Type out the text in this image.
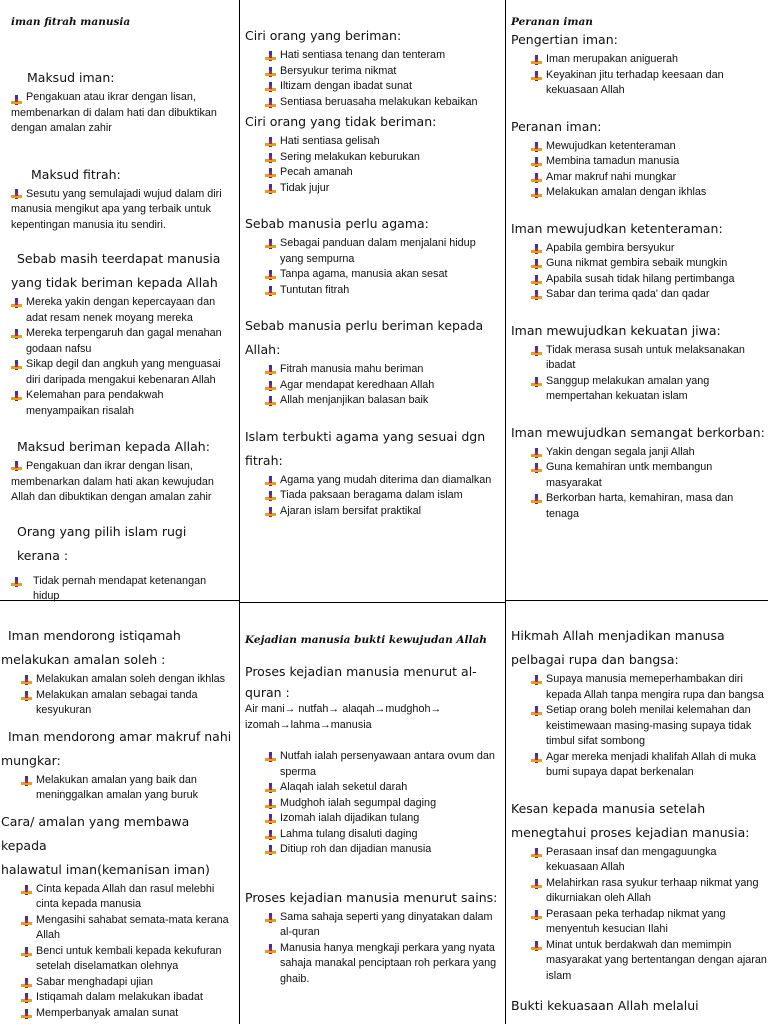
iman fitrah manusia
Maksud iman:
Pengakuan atau ikrar dengan lisan, membenarkan di dalam hati dan dibuktikan dengan amalan zahir
Maksud fitrah:
Sesutu yang semulajadi wujud dalam diri manusia mengikut apa yang terbaik untuk kepentingan manusia itu sendiri.
Sebab masih teerdapat manusia
yang tidak beriman kepada Allah
Mereka yakin dengan kepercayaan dan adat resam nenek moyang mereka
Mereka terpengaruh dan gagal menahan godaan nafsu
Sikap degil dan angkuh yang menguasai diri daripada mengakui kebenaran Allah
Kelemahan para pendakwah menyampaikan risalah
Maksud beriman kepada Allah:
Pengakuan dan ikrar dengan lisan, membenarkan dalam hati akan kewujudan Allah dan dibuktikan dengan amalan zahir
Orang yang pilih islam rugi kerana :
Tidak pernah mendapat ketenangan hidup
Ciri orang yang beriman:
Hati sentiasa tenang dan tenteram
Bersyukur terima nikmat
Iltizam dengan ibadat sunat
Sentiasa beruasaha melakukan kebaikan
Ciri orang yang tidak beriman:
Hati sentiasa gelisah
Sering melakukan keburukan
Pecah amanah
Tidak jujur
Sebab manusia perlu agama:
Sebagai panduan dalam menjalani hidup yang sempurna
Tanpa agama, manusia akan sesat
Tuntutan fitrah
Sebab manusia perlu beriman kepada Allah:
Fitrah manusia mahu beriman
Agar mendapat keredhaan Allah
Allah menjanjikan balasan baik
Islam terbukti agama yang sesuai dgn fitrah:
Agama yang mudah diterima dan diamalkan
Tiada paksaan beragama dalam islam
Ajaran islam bersifat praktikal
Peranan iman
Pengertian iman:
Iman merupakan aniguerah
Keyakinan jitu terhadap keesaan dan kekuasaan Allah
Peranan iman:
Mewujudkan ketenteraman
Membina tamadun manusia
Amar makruf nahi mungkar
Melakukan amalan dengan ikhlas
Iman mewujudkan ketenteraman:
Apabila gembira bersyukur
Guna nikmat gembira sebaik mungkin
Apabila susah tidak hilang pertimbanga
Sabar dan terima qada' dan qadar
Iman mewujudkan kekuatan jiwa:
Tidak merasa susah untuk melaksanakan ibadat
Sanggup melakukan amalan yang mempertahan kekuatan islam
Iman mewujudkan semangat berkorban:
Yakin dengan segala janji Allah
Guna kemahiran untk membangun masyarakat
Berkorban harta, kemahiran, masa dan tenaga
Iman mendorong istiqamah
melakukan amalan soleh :
Melakukan amalan soleh dengan ikhlas
Melakukan amalan sebagai tanda kesyukuran
Iman mendorong amar makruf nahi
mungkar:
Melakukan amalan yang baik dan meninggalkan amalan yang buruk
Cara/ amalan yang membawa kepada
halawatul iman(kemanisan iman)
Cinta kepada Allah dan rasul melebhi cinta kepada manusia
Mengasihi sahabat semata-mata kerana Allah
Benci untuk kembali kepada kekufuran setelah diselamatkan olehnya
Sabar menghadapi ujian
Istiqamah dalam melakukan ibadat
Memperbanyak amalan sunat
Kejadian manusia bukti kewujudan Allah
Proses kejadian manusia menurut al-
quran :
Air mani→ nutfah→ alaqah→mudghoh→ izomah→lahma→manusia
Nutfah ialah persenyawaan antara ovum dan sperma
Alaqah ialah seketul darah
Mudghoh ialah segumpal daging
Izomah ialah dijadikan tulang
Lahma tulang disaluti daging
Ditiup roh dan dijadian manusia
Proses kejadian manusia menurut sains:
Sama sahaja seperti yang dinyatakan dalam al-quran
Manusia hanya mengkaji perkara yang nyata sahaja manakal penciptaan roh perkara yang ghaib.
Hikmah Allah menjadikan manusa
pelbagai rupa dan bangsa:
Supaya manusia memeperhambakan diri kepada Allah tanpa mengira rupa dan bangsa
Setiap orang boleh menilai kelemahan dan keistimewaan masing-masing supaya tidak timbul sifat sombong
Agar mereka menjadi khalifah Allah di muka bumi supaya dapat berkenalan
Kesan kepada manusia setelah
menegtahui proses kejadian manusia:
Perasaan insaf dan mengaguungka kekuasaan Allah
Melahirkan rasa syukur terhaap nikmat yang dikurniakan oleh Allah
Perasaan peka terhadap nikmat yang menyentuh kesucian Ilahi
Minat untuk berdakwah dan memimpin masyarakat yang bertentangan dengan ajaran islam
Bukti kekuasaan Allah melalui
